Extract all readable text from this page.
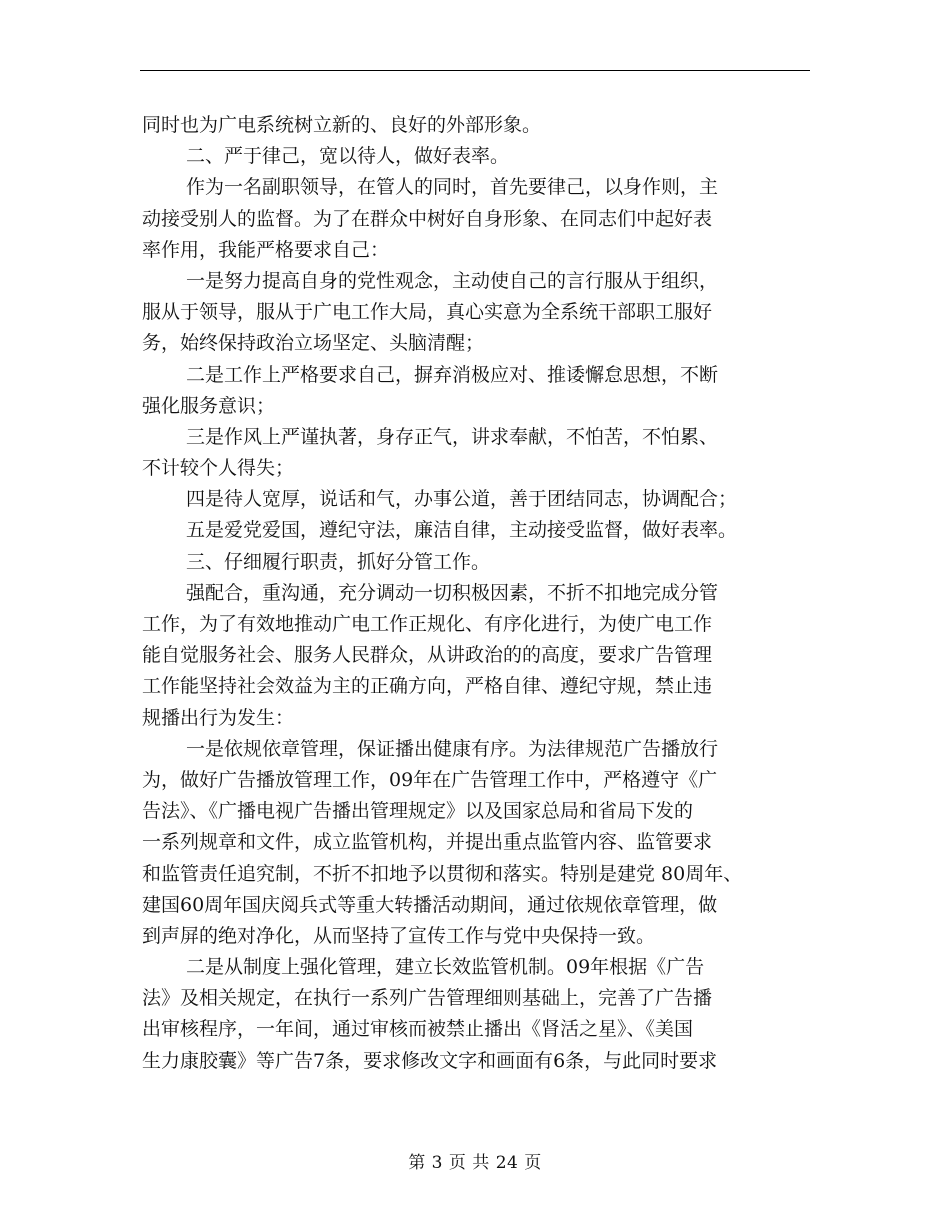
同时也为广电系统树立新的、良好的外部形象。
二、严于律己，宽以待人，做好表率。
作为一名副职领导，在管人的同时，首先要律己，以身作则，主
动接受别人的监督。为了在群众中树好自身形象、在同志们中起好表
率作用，我能严格要求自己：
一是努力提高自身的党性观念，主动使自己的言行服从于组织，
服从于领导，服从于广电工作大局，真心实意为全系统干部职工服好
务，始终保持政治立场坚定、头脑清醒；
二是工作上严格要求自己，摒弃消极应对、推诿懈怠思想，不断
强化服务意识；
三是作风上严谨执著，身存正气，讲求奉献，不怕苦，不怕累、
不计较个人得失；
四是待人宽厚，说话和气，办事公道，善于团结同志，协调配合；
五是爱党爱国，遵纪守法，廉洁自律，主动接受监督，做好表率。
三、仔细履行职责，抓好分管工作。
强配合，重沟通，充分调动一切积极因素，不折不扣地完成分管
工作，为了有效地推动广电工作正规化、有序化进行，为使广电工作
能自觉服务社会、服务人民群众，从讲政治的的高度，要求广告管理
工作能坚持社会效益为主的正确方向，严格自律、遵纪守规，禁止违
规播出行为发生：
一是依规依章管理，保证播出健康有序。为法律规范广告播放行
为，做好广告播放管理工作，09年在广告管理工作中，严格遵守《广
告法》、《广播电视广告播出管理规定》以及国家总局和省局下发的
一系列规章和文件，成立监管机构，并提出重点监管内容、监管要求
和监管责任追究制，不折不扣地予以贯彻和落实。特别是建党 80周年、
建国60周年国庆阅兵式等重大转播活动期间，通过依规依章管理，做
到声屏的绝对净化，从而坚持了宣传工作与党中央保持一致。
二是从制度上强化管理，建立长效监管机制。09年根据《广告
法》及相关规定，在执行一系列广告管理细则基础上，完善了广告播
出审核程序，一年间，通过审核而被禁止播出《肾活之星》、《美国
生力康胶囊》等广告7条，要求修改文字和画面有6条，与此同时要求
第 3 页 共 24 页
